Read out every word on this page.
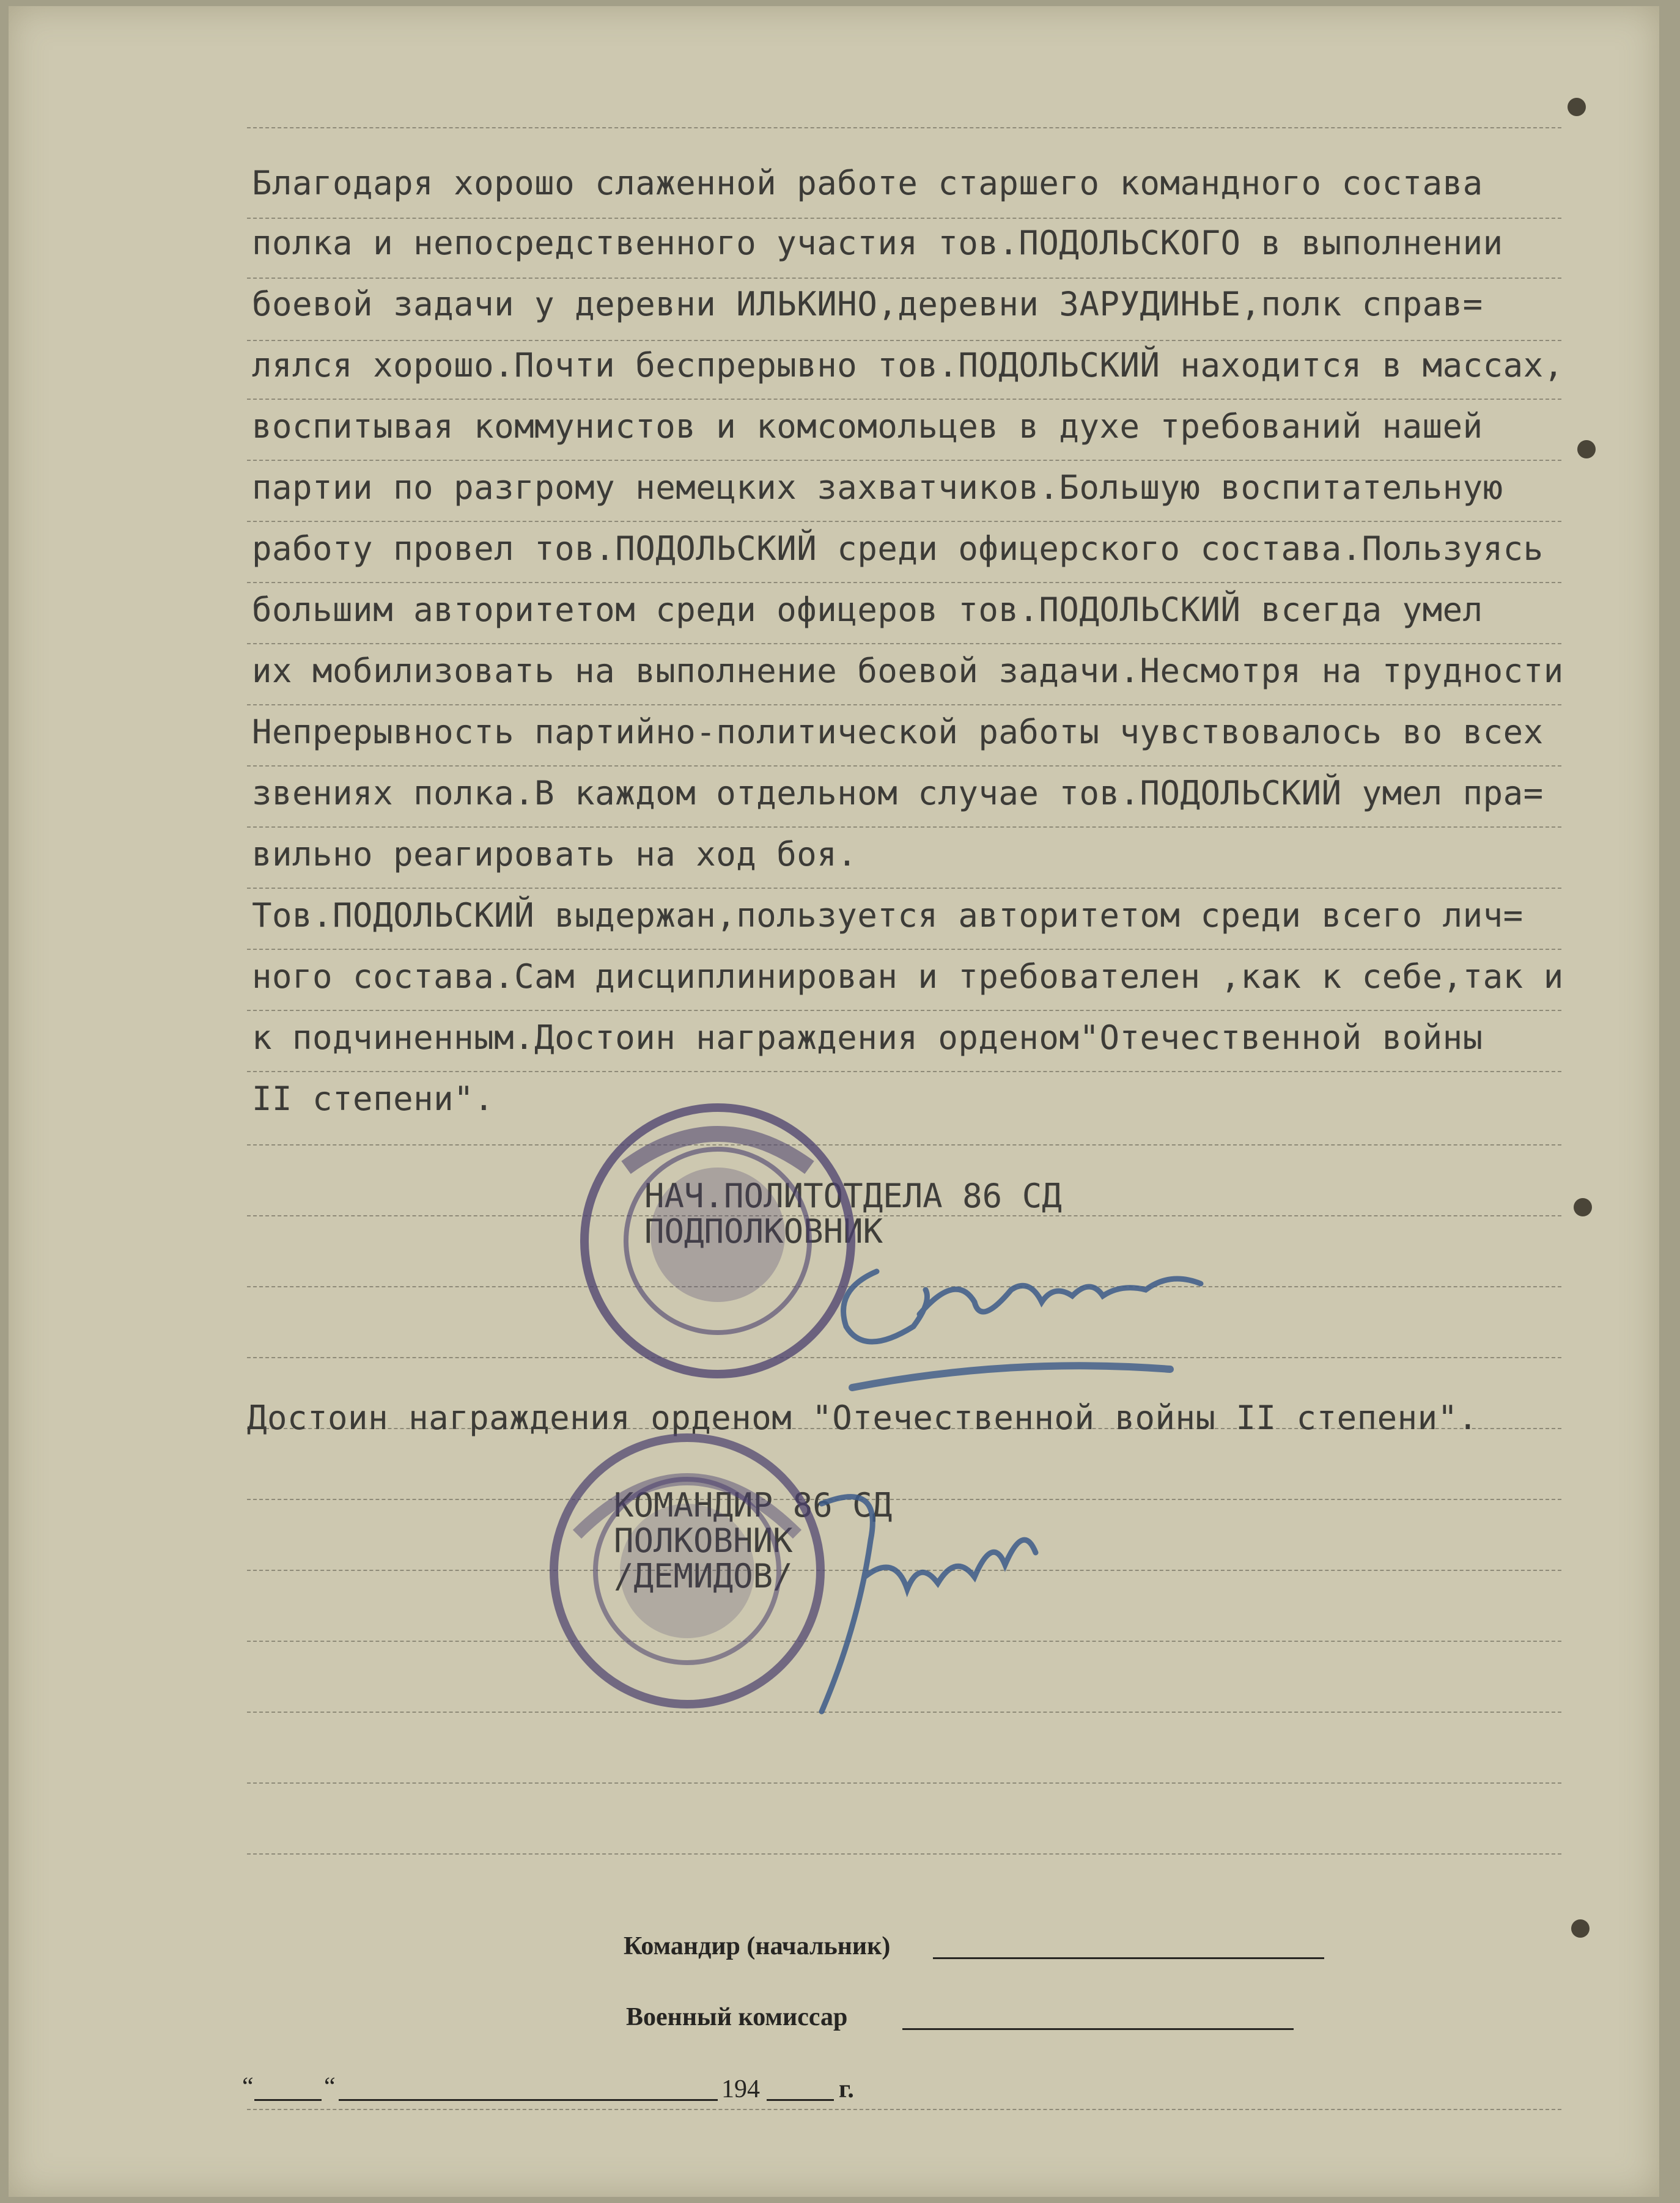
Благодаря хорошо слаженной работе старшего командного состава

полка и непосредственного участия тов.ПОДОЛЬСКОГО в выполнении

боевой задачи у деревни ИЛЬКИНО,деревни ЗАРУДИНЬЕ,полк справ=

лялся хорошо.Почти беспрерывно тов.ПОДОЛЬСКИЙ находится в массах,

воспитывая коммунистов и комсомольцев в духе требований нашей

партии по разгрому немецких захватчиков.Большую воспитательную

работу провел тов.ПОДОЛЬСКИЙ среди офицерского состава.Пользуясь

большим авторитетом среди офицеров тов.ПОДОЛЬСКИЙ всегда умел

их мобилизовать на выполнение боевой задачи.Несмотря на трудности

Непрерывность партийно-политической работы чувствовалось во всех

звениях полка.В каждом отдельном случае тов.ПОДОЛЬСКИЙ умел пра=

вильно реагировать на ход боя.

Тов.ПОДОЛЬСКИЙ выдержан,пользуется авторитетом среди всего лич=

ного состава.Сам дисциплинирован и требователен ,как к себе,так и

к подчиненным.Достоин награждения орденом"Отечественной войны

II степени".

НАЧ.ПОЛИТОТДЕЛА 86 СД

ПОДПОЛКОВНИК

Достоин награждения орденом "Отечественной войны II степени".

КОМАНДИР 86 СД

ПОЛКОВНИК

/ДЕМИДОВ/

Командир (начальник)

Военный комиссар

“	“	194	г.
